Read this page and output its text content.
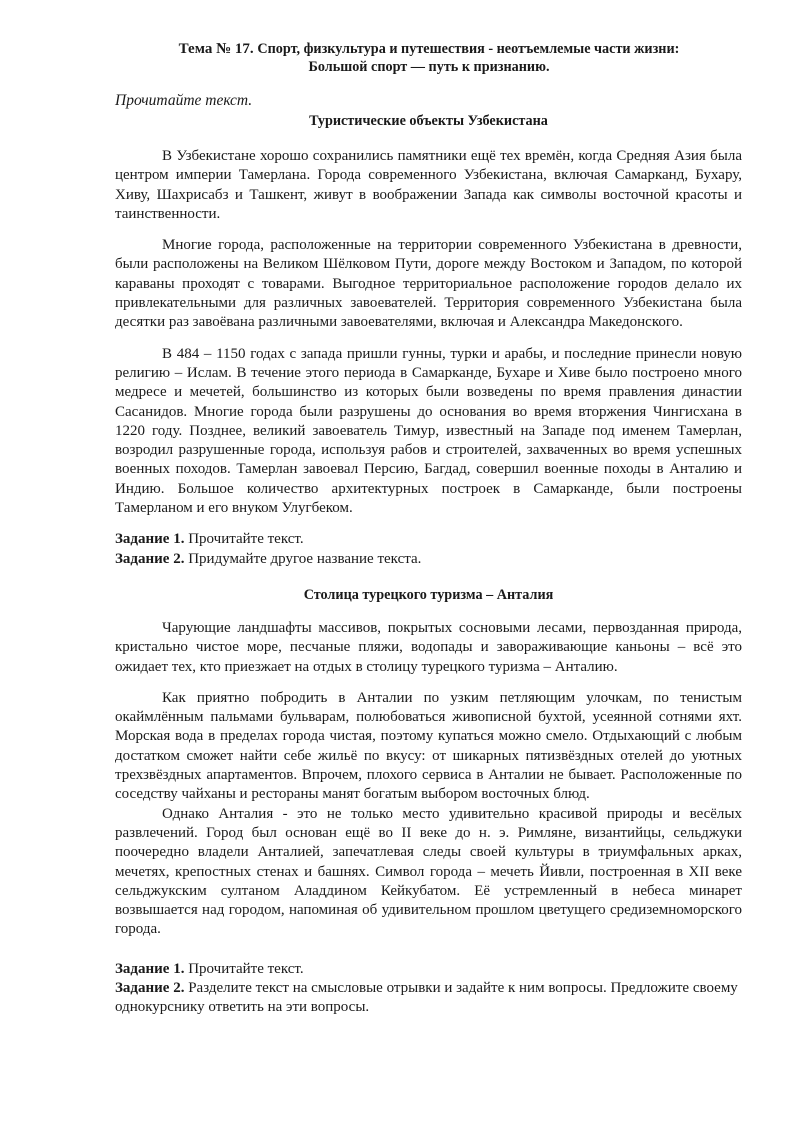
Тема № 17. Спорт, физкультура и путешествия - неотъемлемые части жизни:
Большой спорт — путь к признанию.
Прочитайте текст.
Туристические объекты Узбекистана

В Узбекистане хорошо сохранились памятники ещё тех времён, когда Средняя Азия была центром империи Тамерлана. Города современного Узбекистана, включая Самарканд, Бухару, Хиву, Шахрисабз и Ташкент, живут в воображении Запада как символы восточной красоты и таинственности.

Многие города, расположенные на территории современного Узбекистана в древности, были расположены на Великом Шёлковом Пути, дороге между Востоком и Западом, по которой караваны проходят с товарами. Выгодное территориальное расположение городов делало их привлекательными для различных завоевателей. Территория современного Узбекистана была десятки раз завоёвана различными завоевателями, включая и Александра Македонского.

В 484 – 1150 годах с запада пришли гунны, турки и арабы, и последние принесли новую религию – Ислам. В течение этого периода в Самарканде, Бухаре и Хиве было построено много медресе и мечетей, большинство из которых были возведены по время правления династии Сасанидов. Многие города были разрушены до основания во время вторжения Чингисхана в 1220 году. Позднее, великий завоеватель Тимур, известный на Западе под именем Тамерлан, возродил разрушенные города, используя рабов и строителей, захваченных во время успешных военных походов. Тамерлан завоевал Персию, Багдад, совершил военные походы в Анталию и Индию. Большое количество архитектурных построек в Самарканде, были построены Тамерланом и его внуком Улугбеком.

Задание 1. Прочитайте текст.

Задание 2. Придумайте другое название текста.

Столица турецкого туризма – Анталия

Чарующие ландшафты массивов, покрытых сосновыми лесами, первозданная природа, кристально чистое море, песчаные пляжи, водопады и завораживающие каньоны – всё это ожидает тех, кто приезжает на отдых в столицу турецкого туризма – Анталию.

Как приятно побродить в Анталии по узким петляющим улочкам, по тенистым окаймлённым пальмами бульварам, полюбоваться живописной бухтой, усеянной сотнями яхт. Морская вода в пределах города чистая, поэтому купаться можно смело. Отдыхающий с любым достатком сможет найти себе жильё по вкусу: от шикарных пятизвёздных отелей до уютных трехзвёздных апартаментов. Впрочем, плохого сервиса в Анталии не бывает. Расположенные по соседству чайханы и рестораны манят богатым выбором восточных блюд.

Однако Анталия - это не только место удивительно красивой природы и весёлых развлечений. Город был основан ещё во II веке до н. э. Римляне, византийцы, сельджуки поочередно владели Анталией, запечатлевая следы своей культуры в триумфальных арках, мечетях, крепостных стенах и башнях. Символ города – мечеть Йивли, построенная в XII веке сельджукским султаном Аладдином Кейкубатом. Её устремленный в небеса минарет возвышается над городом, напоминая об удивительном прошлом цветущего средиземноморского города.

Задание 1. Прочитайте текст.

Задание 2. Разделите текст на смысловые отрывки и задайте к ним вопросы. Предложите своему однокурснику ответить на эти вопросы.
